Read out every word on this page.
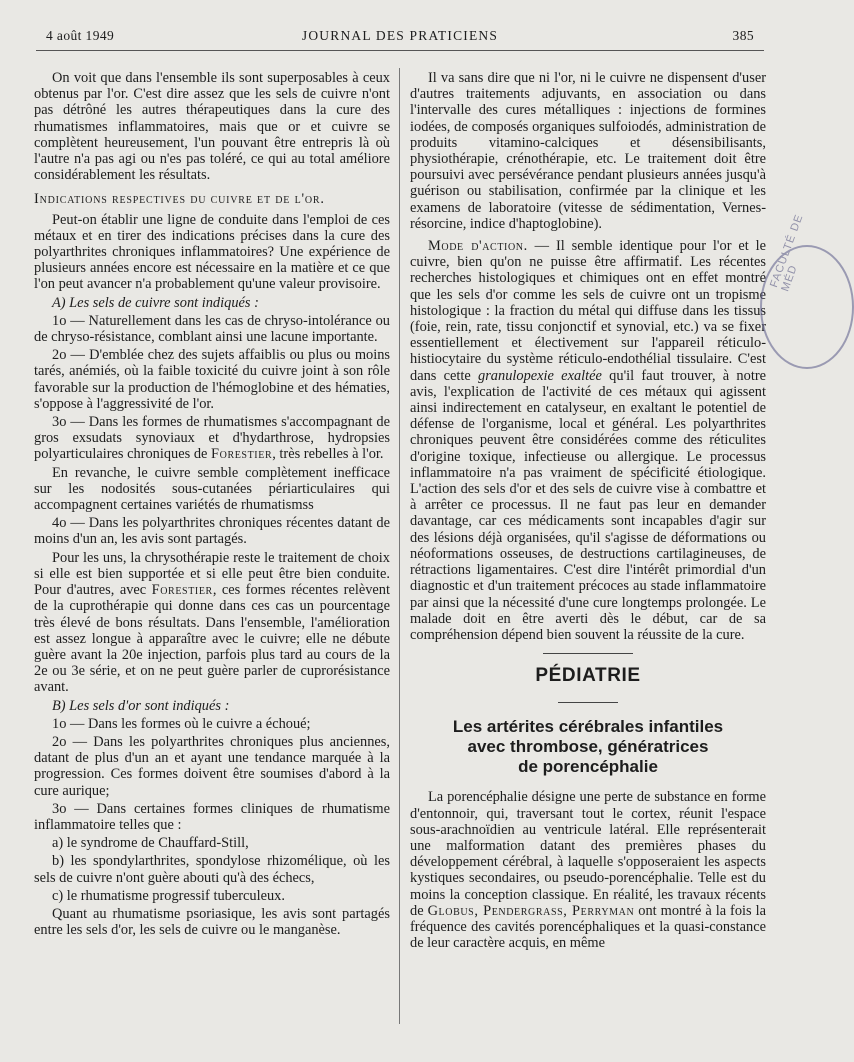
4 août 1949	JOURNAL DES PRATICIENS	385

On voit que dans l'ensemble ils sont superposables à ceux obtenus par l'or. C'est dire assez que les sels de cuivre n'ont pas détrôné les autres thérapeutiques dans la cure des rhumatismes inflammatoires, mais que or et cuivre se complètent heureusement, l'un pouvant être entrepris là où l'autre n'a pas agi ou n'es pas toléré, ce qui au total améliore considérablement les résultats.

Indications respectives du cuivre et de l'or.

Peut-on établir une ligne de conduite dans l'emploi de ces métaux et en tirer des indications précises dans la cure des polyarthrites chroniques inflammatoires? Une expérience de plusieurs années encore est nécessaire en la matière et ce que l'on peut avancer n'a probablement qu'une valeur provisoire.

A) Les sels de cuivre sont indiqués :

1o — Naturellement dans les cas de chryso-intolérance ou de chryso-résistance, comblant ainsi une lacune importante.

2o — D'emblée chez des sujets affaiblis ou plus ou moins tarés, anémiés, où la faible toxicité du cuivre joint à son rôle favorable sur la production de l'hémoglobine et des hématies, s'oppose à l'aggressivité de l'or.

3o — Dans les formes de rhumatismes s'accompagnant de gros exsudats synoviaux et d'hydarthrose, hydropsies polyarticulaires chroniques de Forestier, très rebelles à l'or.

En revanche, le cuivre semble complètement inefficace sur les nodosités sous-cutanées périarticulaires qui accompagnent certaines variétés de rhumatismss

4o — Dans les polyarthrites chroniques récentes datant de moins d'un an, les avis sont partagés.

Pour les uns, la chrysothérapie reste le traitement de choix si elle est bien supportée et si elle peut être bien conduite. Pour d'autres, avec Forestier, ces formes récentes relèvent de la cuprothérapie qui donne dans ces cas un pourcentage très élevé de bons résultats. Dans l'ensemble, l'amélioration est assez longue à apparaître avec le cuivre; elle ne débute guère avant la 20e injection, parfois plus tard au cours de la 2e ou 3e série, et on ne peut guère parler de cuprorésistance avant.

B) Les sels d'or sont indiqués :

1o — Dans les formes où le cuivre a échoué;

2o — Dans les polyarthrites chroniques plus anciennes, datant de plus d'un an et ayant une tendance marquée à la progression. Ces formes doivent être soumises d'abord à la cure aurique;

3o — Dans certaines formes cliniques de rhumatisme inflammatoire telles que :

a) le syndrome de Chauffard-Still,

b) les spondylarthrites, spondylose rhizomélique, où les sels de cuivre n'ont guère abouti qu'à des échecs,

c) le rhumatisme progressif tuberculeux.

Quant au rhumatisme psoriasique, les avis sont partagés entre les sels d'or, les sels de cuivre ou le manganèse.

Il va sans dire que ni l'or, ni le cuivre ne dispensent d'user d'autres traitements adjuvants, en association ou dans l'intervalle des cures métalliques : injections de formines iodées, de composés organiques sulfoiodés, administration de produits vitamino-calciques et désensibilisants, physiothérapie, crénothérapie, etc. Le traitement doit être poursuivi avec persévérance pendant plusieurs années jusqu'à guérison ou stabilisation, confirmée par la clinique et les examens de laboratoire (vitesse de sédimentation, Vernes-résorcine, indice d'haptoglobine).

Mode d'action. — Il semble identique pour l'or et le cuivre, bien qu'on ne puisse être affirmatif. Les récentes recherches histologiques et chimiques ont en effet montré que les sels d'or comme les sels de cuivre ont un tropisme histologique : la fraction du métal qui diffuse dans les tissus (foie, rein, rate, tissu conjonctif et synovial, etc.) va se fixer essentiellement et électivement sur l'appareil réticulo-histiocytaire du système réticulo-endothélial tissulaire. C'est dans cette granulopexie exaltée qu'il faut trouver, à notre avis, l'explication de l'activité de ces métaux qui agissent ainsi indirectement en catalyseur, en exaltant le potentiel de défense de l'organisme, local et général. Les polyarthrites chroniques peuvent être considérées comme des réticulites d'origine toxique, infectieuse ou allergique. Le processus inflammatoire n'a pas vraiment de spécificité étiologique. L'action des sels d'or et des sels de cuivre vise à combattre et à arrêter ce processus. Il ne faut pas leur en demander davantage, car ces médicaments sont incapables d'agir sur des lésions déjà organisées, qu'il s'agisse de déformations ou néoformations osseuses, de destructions cartilagineuses, de rétractions ligamentaires. C'est dire l'intérêt primordial d'un diagnostic et d'un traitement précoces au stade inflammatoire par ainsi que la nécessité d'une cure longtemps prolongée. Le malade doit en être averti dès le début, car de sa compréhension dépend bien souvent la réussite de la cure.

PÉDIATRIE
Les artérites cérébrales infantiles
avec thrombose, génératrices
de porencéphalie

La porencéphalie désigne une perte de substance en forme d'entonnoir, qui, traversant tout le cortex, réunit l'espace sous-arachnoïdien au ventricule latéral. Elle représenterait une malformation datant des premières phases du développement cérébral, à laquelle s'opposeraient les aspects kystiques secondaires, ou pseudo-porencéphalie. Telle est du moins la conception classique. En réalité, les travaux récents de Globus, Pendergrass, Perryman ont montré à la fois la fréquence des cavités porencéphaliques et la quasi-constance de leur caractère acquis, en même

FACULTÉ DE MÉD
